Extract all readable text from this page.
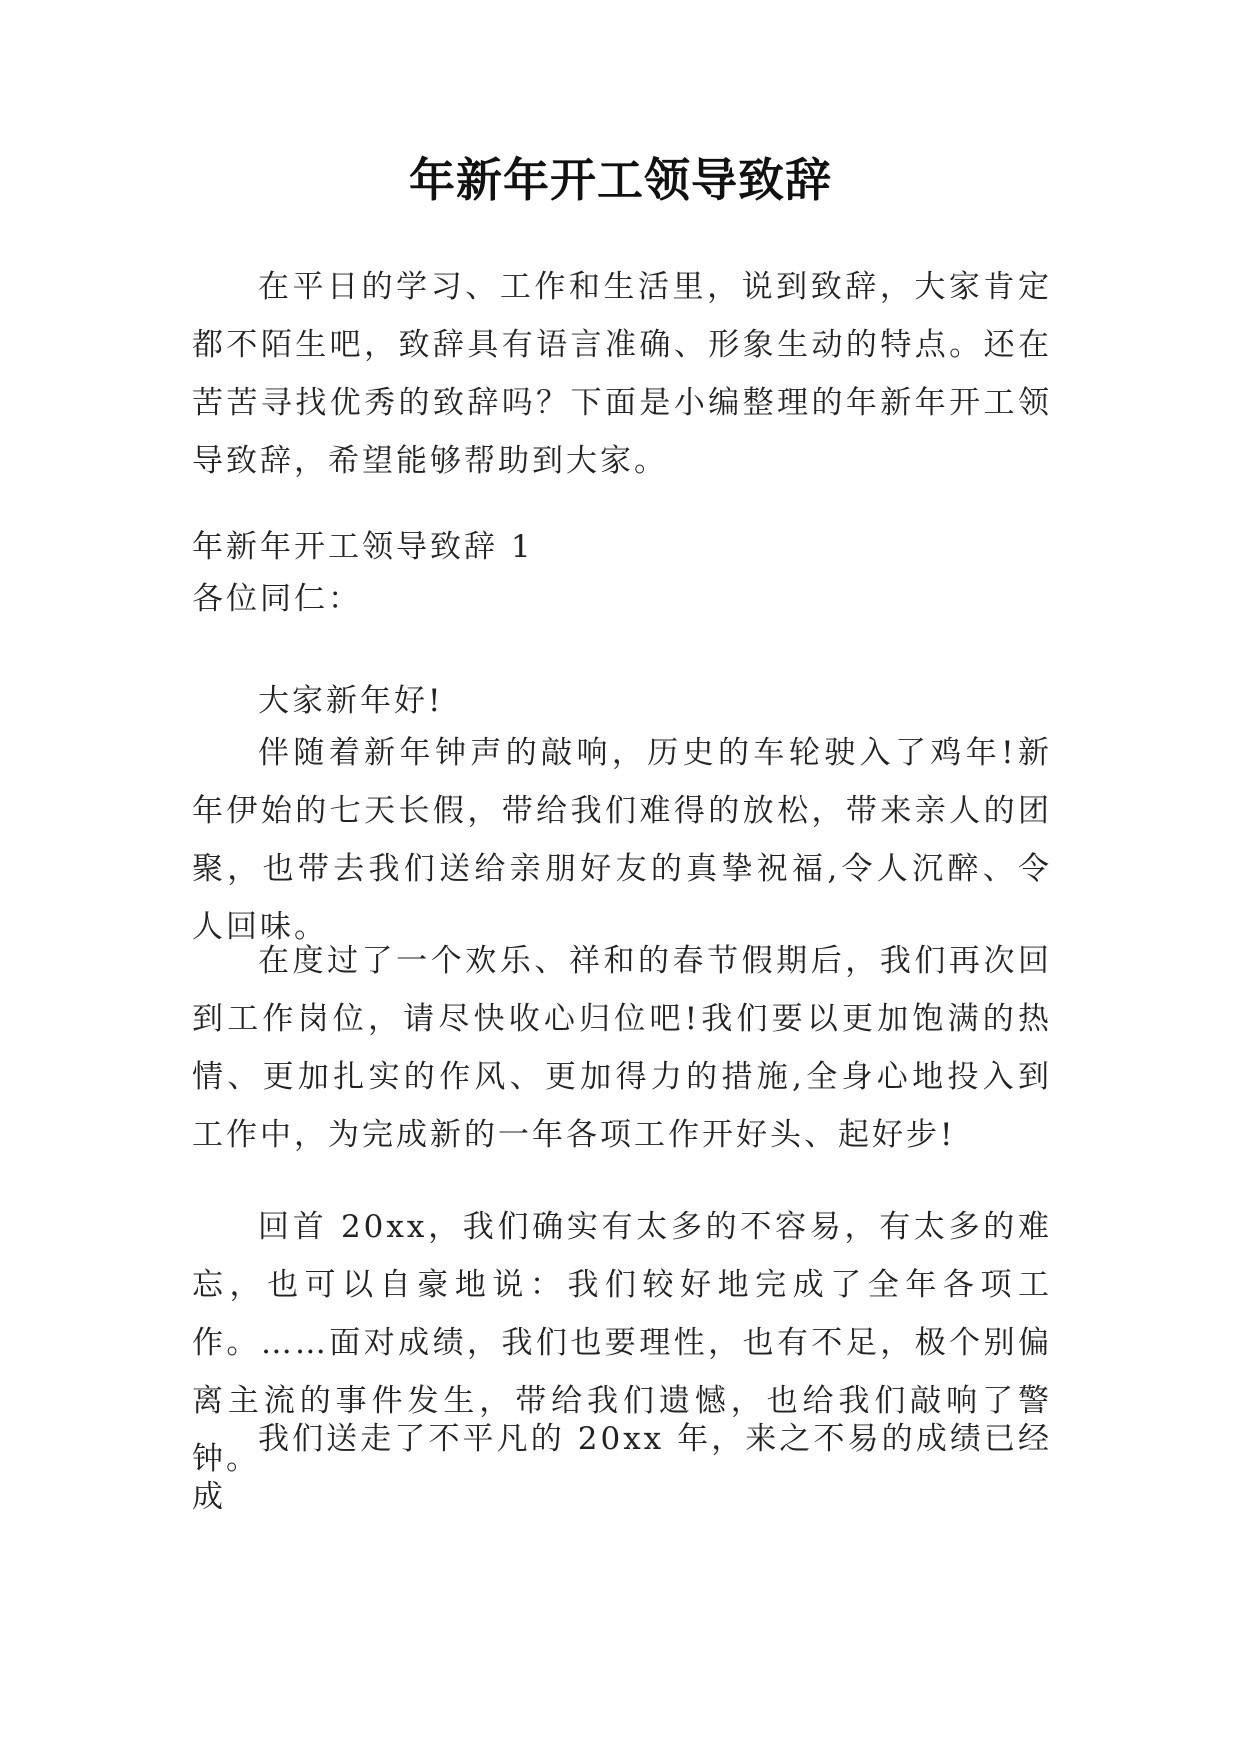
年新年开工领导致辞
在平日的学习、工作和生活里，说到致辞，大家肯定都不陌生吧，致辞具有语言准确、形象生动的特点。还在苦苦寻找优秀的致辞吗？下面是小编整理的年新年开工领导致辞，希望能够帮助到大家。
年新年开工领导致辞 1
各位同仁：
大家新年好!
伴随着新年钟声的敲响，历史的车轮驶入了鸡年!新年伊始的七天长假，带给我们难得的放松，带来亲人的团聚，也带去我们送给亲朋好友的真挚祝福,令人沉醉、令人回味。
在度过了一个欢乐、祥和的春节假期后，我们再次回到工作岗位，请尽快收心归位吧!我们要以更加饱满的热情、更加扎实的作风、更加得力的措施,全身心地投入到工作中，为完成新的一年各项工作开好头、起好步!
回首 20xx，我们确实有太多的不容易，有太多的难忘，也可以自豪地说：我们较好地完成了全年各项工作。……面对成绩，我们也要理性，也有不足，极个别偏离主流的事件发生，带给我们遗憾，也给我们敲响了警钟。
我们送走了不平凡的 20xx 年，来之不易的成绩已经成
